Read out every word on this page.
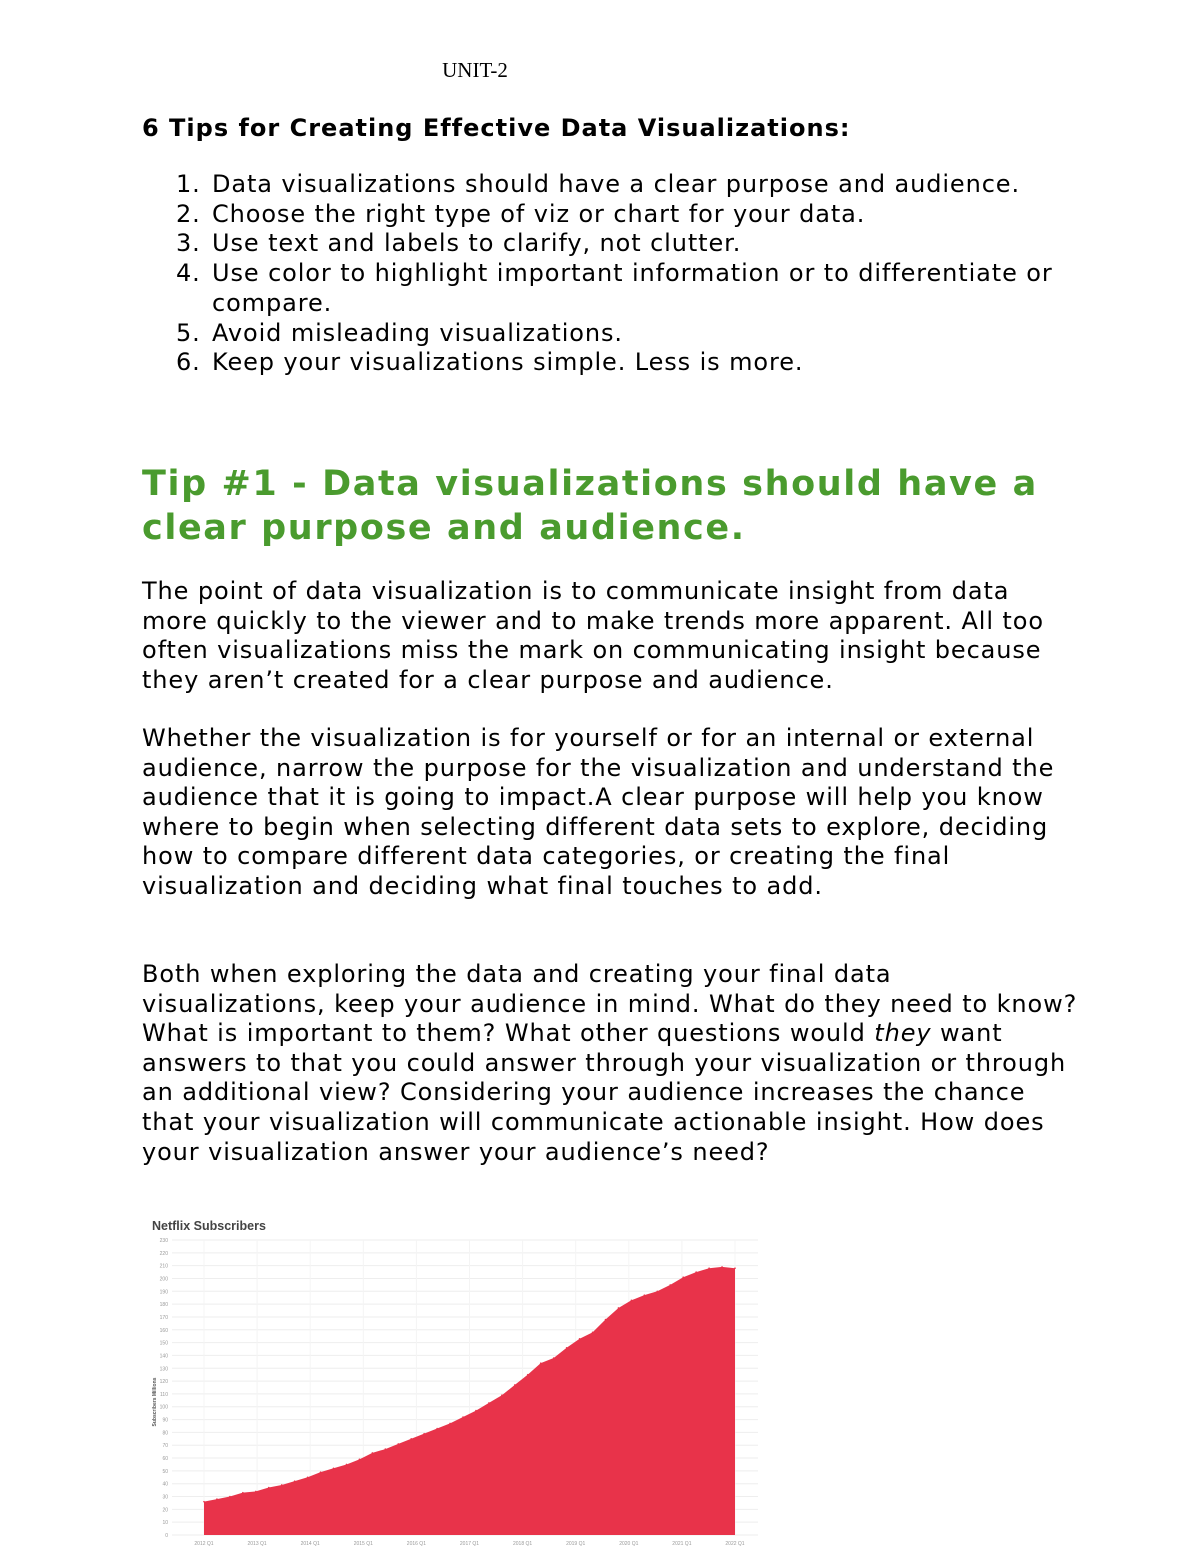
UNIT-2
6 Tips for Creating Effective Data Visualizations:
1. Data visualizations should have a clear purpose and audience.
2. Choose the right type of viz or chart for your data.
3. Use text and labels to clarify, not clutter.
4. Use color to highlight important information or to differentiate or compare.
5. Avoid misleading visualizations.
6. Keep your visualizations simple. Less is more.
Tip #1 - Data visualizations should have a clear purpose and audience.

The point of data visualization is to communicate insight from data more quickly to the viewer and to make trends more apparent. All too often visualizations miss the mark on communicating insight because they aren’t created for a clear purpose and audience.

Whether the visualization is for yourself or for an internal or external audience, narrow the purpose for the visualization and understand the audience that it is going to impact.A clear purpose will help you know where to begin when selecting different data sets to explore, deciding how to compare different data categories, or creating the final visualization and deciding what final touches to add.

Both when exploring the data and creating your final data visualizations, keep your audience in mind. What do they need to know? What is important to them? What other questions would they want answers to that you could answer through your visualization or through an additional view? Considering your audience increases the chance that your visualization will communicate actionable insight. How does your visualization answer your audience’s need?

Netflix Subscribers
0
10
20
30
40
50
60
70
80
90
100
110
120
130
140
150
160
170
180
190
200
210
220
230
2012 Q1	2013 Q1	2014 Q1	2015 Q1	2016 Q1	2017 Q1	2018 Q1	2019 Q1	2020 Q1	2021 Q1	2022 Q1
Subscribers Millions
